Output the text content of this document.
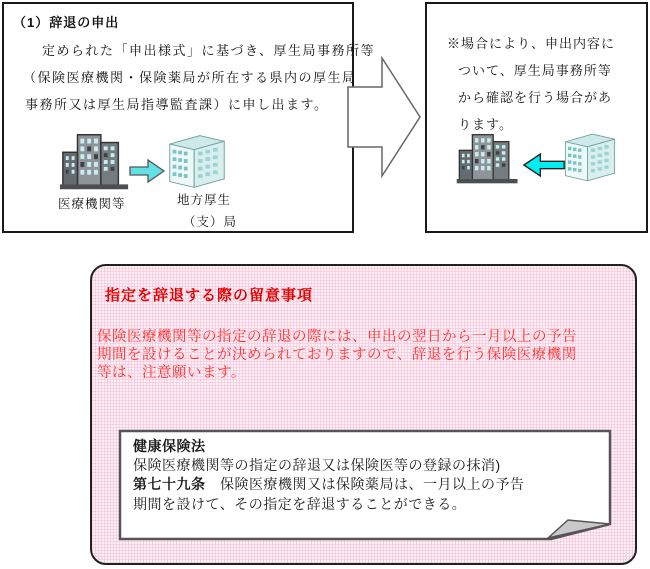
（1）辞退の申出
定められた「申出様式」に基づき、厚生局事務所等
（保険医療機関・保険薬局が所在する県内の厚生局
事務所又は厚生局指導監査課）に申し出ます。
医療機関等	地方厚生
（支）局
※場合により、申出内容に
ついて、厚生局事務所等
から確認を行う場合があ
ります。
指定を辞退する際の留意事項
保険医療機関等の指定の辞退の際には、申出の翌日から一月以上の予告
期間を設けることが決められておりますので、辞退を行う保険医療機関
等は、注意願います。
健康保険法
保険医療機関等の指定の辞退又は保険医等の登録の抹消)
第七十九条　保険医療機関又は保険薬局は、一月以上の予告
期間を設けて、その指定を辞退することができる。
